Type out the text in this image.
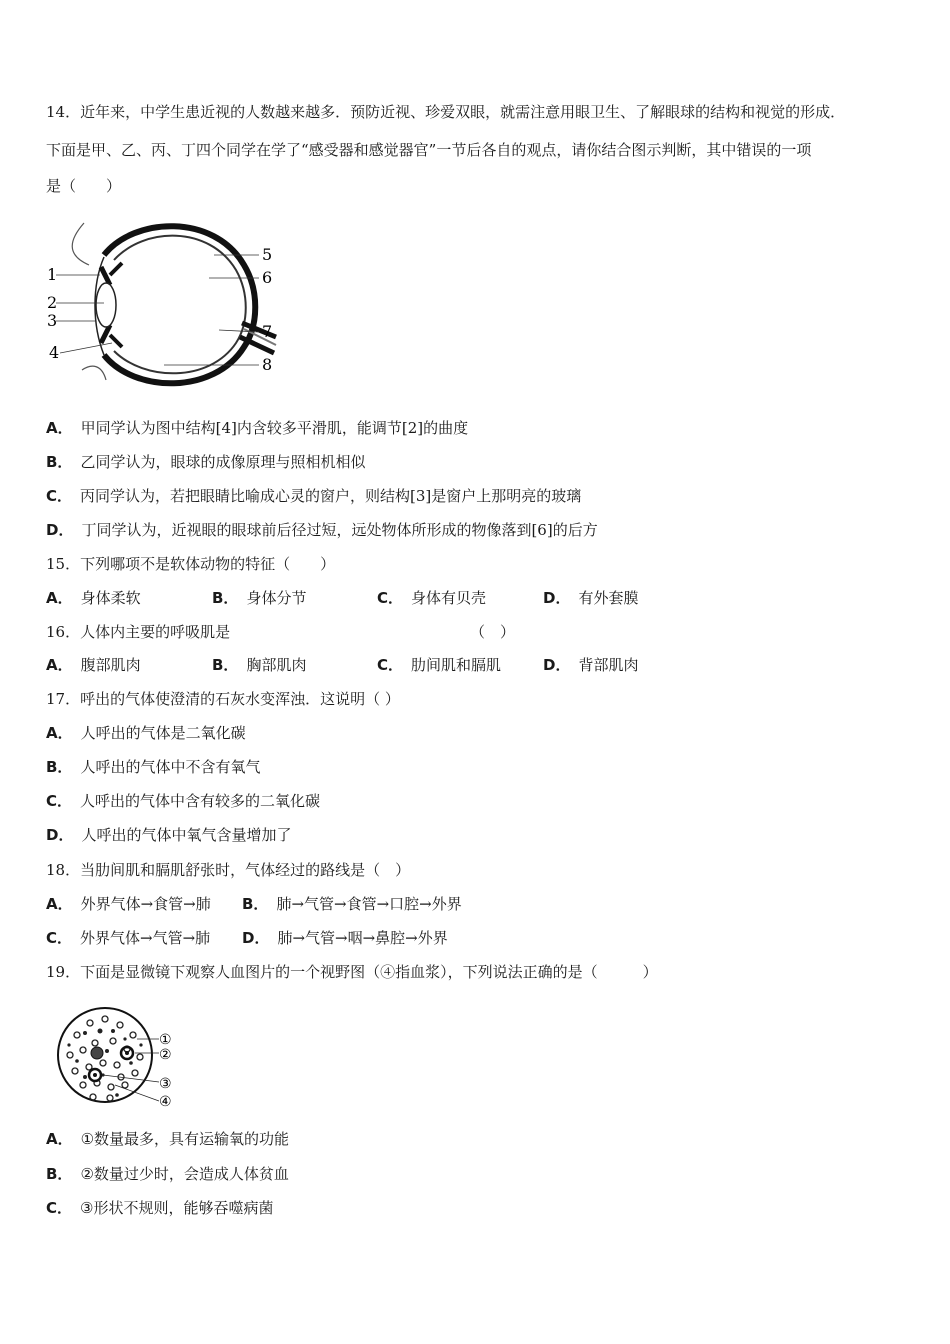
14．近年来，中学生患近视的人数越来越多．预防近视、珍爱双眼，就需注意用眼卫生、了解眼球的结构和视觉的形成．
下面是甲、乙、丙、丁四个同学在学了“感受器和感觉器官”一节后各自的观点，请你结合图示判断，其中错误的一项
是（　　）
1
2
3
4
5
6
7
8
A． 甲同学认为图中结构[4]内含较多平滑肌，能调节[2]的曲度
B． 乙同学认为，眼球的成像原理与照相机相似
C． 丙同学认为，若把眼睛比喻成心灵的窗户，则结构[3]是窗户上那明亮的玻璃
D． 丁同学认为，近视眼的眼球前后径过短，远处物体所形成的物像落到[6]的后方
15．下列哪项不是软体动物的特征（　　）
A． 身体柔软	B． 身体分节	C． 身体有贝壳	D． 有外套膜
16．人体内主要的呼吸肌是	（　）
A． 腹部肌肉	B． 胸部肌肉	C． 肋间肌和膈肌	D． 背部肌肉
17．呼出的气体使澄清的石灰水变浑浊．这说明（ ）
A． 人呼出的气体是二氧化碳
B． 人呼出的气体中不含有氧气
C． 人呼出的气体中含有较多的二氧化碳
D． 人呼出的气体中氧气含量增加了
18．当肋间肌和膈肌舒张时，气体经过的路线是（　）
A． 外界气体→食管→肺 B． 肺→气管→食管→口腔→外界
C． 外界气体→气管→肺 D． 肺→气管→咽→鼻腔→外界
19．下面是显微镜下观察人血图片的一个视野图（④指血浆），下列说法正确的是（　　　）
①
②
③
④
A． ①数量最多，具有运输氧的功能
B． ②数量过少时，会造成人体贫血
C． ③形状不规则，能够吞噬病菌
